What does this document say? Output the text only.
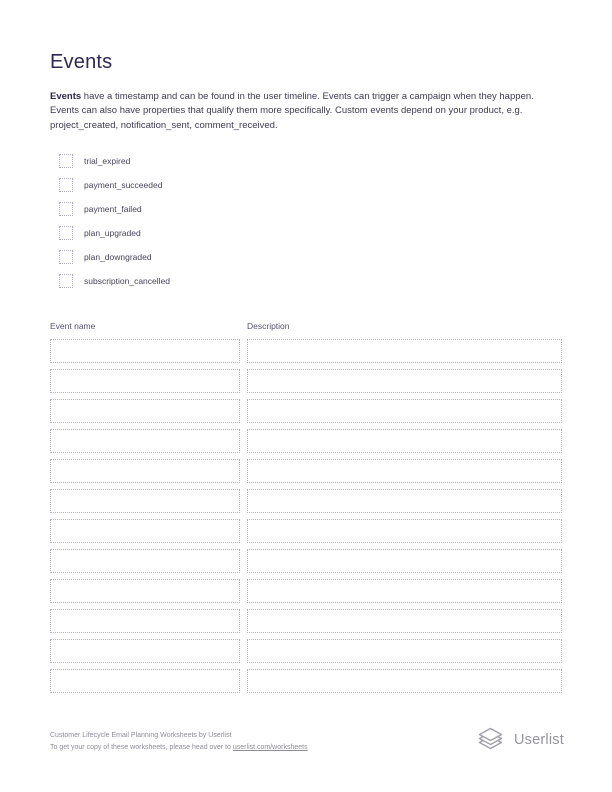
Events

Events have a timestamp and can be found in the user timeline. Events can trigger a campaign when they happen. Events can also have properties that qualify them more specifically. Custom events depend on your product, e.g. project_created, notification_sent, comment_received.

trial_expired
payment_succeeded
payment_failed
plan_upgraded
plan_downgraded
subscription_cancelled
Event name	Description
Customer Lifecycle Email Planning Worksheets by Userlist
To get your copy of these worksheets, please head over to userlist.com/worksheets	Userlist
